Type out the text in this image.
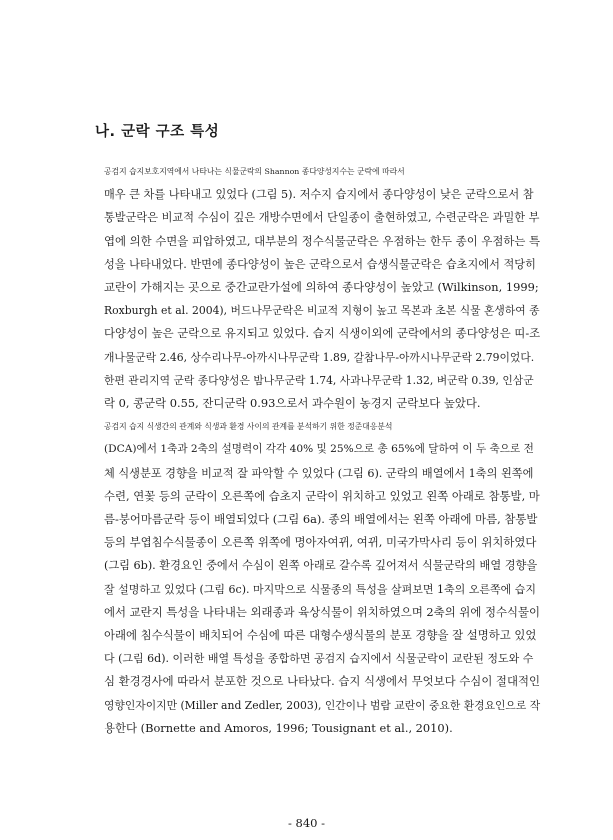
나. 군락 구조 특성

공검지 습지보호지역에서 나타나는 식물군락의 Shannon 종다양성지수는 군락에 따라서
매우 큰 차를 나타내고 있었다 (그림 5). 저수지 습지에서 종다양성이 낮은 군락으로서 참
통발군락은 비교적 수심이 깊은 개방수면에서 단일종이 출현하였고, 수련군락은 과밀한 부
엽에 의한 수면을 피압하였고, 대부분의 정수식물군락은 우점하는 한두 종이 우점하는 특
성을 나타내었다. 반면에 종다양성이 높은 군락으로서 습생식물군락은 습초지에서 적당히
교란이 가해지는 곳으로 중간교란가설에 의하여 종다양성이 높았고 (Wilkinson, 1999;
Roxburgh et al. 2004), 버드나무군락은 비교적 지형이 높고 목본과 초본 식물 혼생하여 종
다양성이 높은 군락으로 유지되고 있었다. 습지 식생이외에 군락에서의 종다양성은 띠-조
개나물군락 2.46, 상수리나무-아까시나무군락 1.89, 갈참나무-아까시나무군락 2.79이었다.
한편 관리지역 군락 종다양성은 밤나무군락 1.74, 사과나무군락 1.32, 벼군락 0.39, 인삼군
락 0, 콩군락 0.55, 잔디군락 0.93으로서 과수원이 농경지 군락보다 높았다.

공검지 습지 식생간의 관계와 식생과 환경 사이의 관계를 분석하기 위한 정준대응분석
(DCA)에서 1축과 2축의 설명력이 각각 40% 및 25%으로 총 65%에 달하여 이 두 축으로 전
체 식생분포 경향을 비교적 잘 파악할 수 있었다 (그림 6). 군락의 배열에서 1축의 왼쪽에
수련, 연꽃 등의 군락이 오른쪽에 습초지 군락이 위치하고 있었고 왼쪽 아래로 참통발, 마
름-붕어마름군락 등이 배열되었다 (그림 6a). 종의 배열에서는 왼쪽 아래에 마름, 참통발
등의 부엽침수식물종이 오른쪽 위쪽에 명아자여뀌, 여뀌, 미국가막사리 등이 위치하였다
(그림 6b). 환경요인 중에서 수심이 왼쪽 아래로 갈수록 깊어져서 식물군락의 배열 경향을
잘 설명하고 있었다 (그림 6c). 마지막으로 식물종의 특성을 살펴보면 1축의 오른쪽에 습지
에서 교란지 특성을 나타내는 외래종과 육상식물이 위치하였으며 2축의 위에 정수식물이
아래에 침수식물이 배치되어 수심에 따른 대형수생식물의 분포 경향을 잘 설명하고 있었
다 (그림 6d). 이러한 배열 특성을 종합하면 공검지 습지에서 식물군락이 교란된 정도와 수
심 환경경사에 따라서 분포한 것으로 나타났다. 습지 식생에서 무엇보다 수심이 절대적인
영향인자이지만 (Miller and Zedler, 2003), 인간이나 범람 교란이 중요한 환경요인으로 작
용한다 (Bornette and Amoros, 1996; Tousignant et al., 2010).

- 840 -
